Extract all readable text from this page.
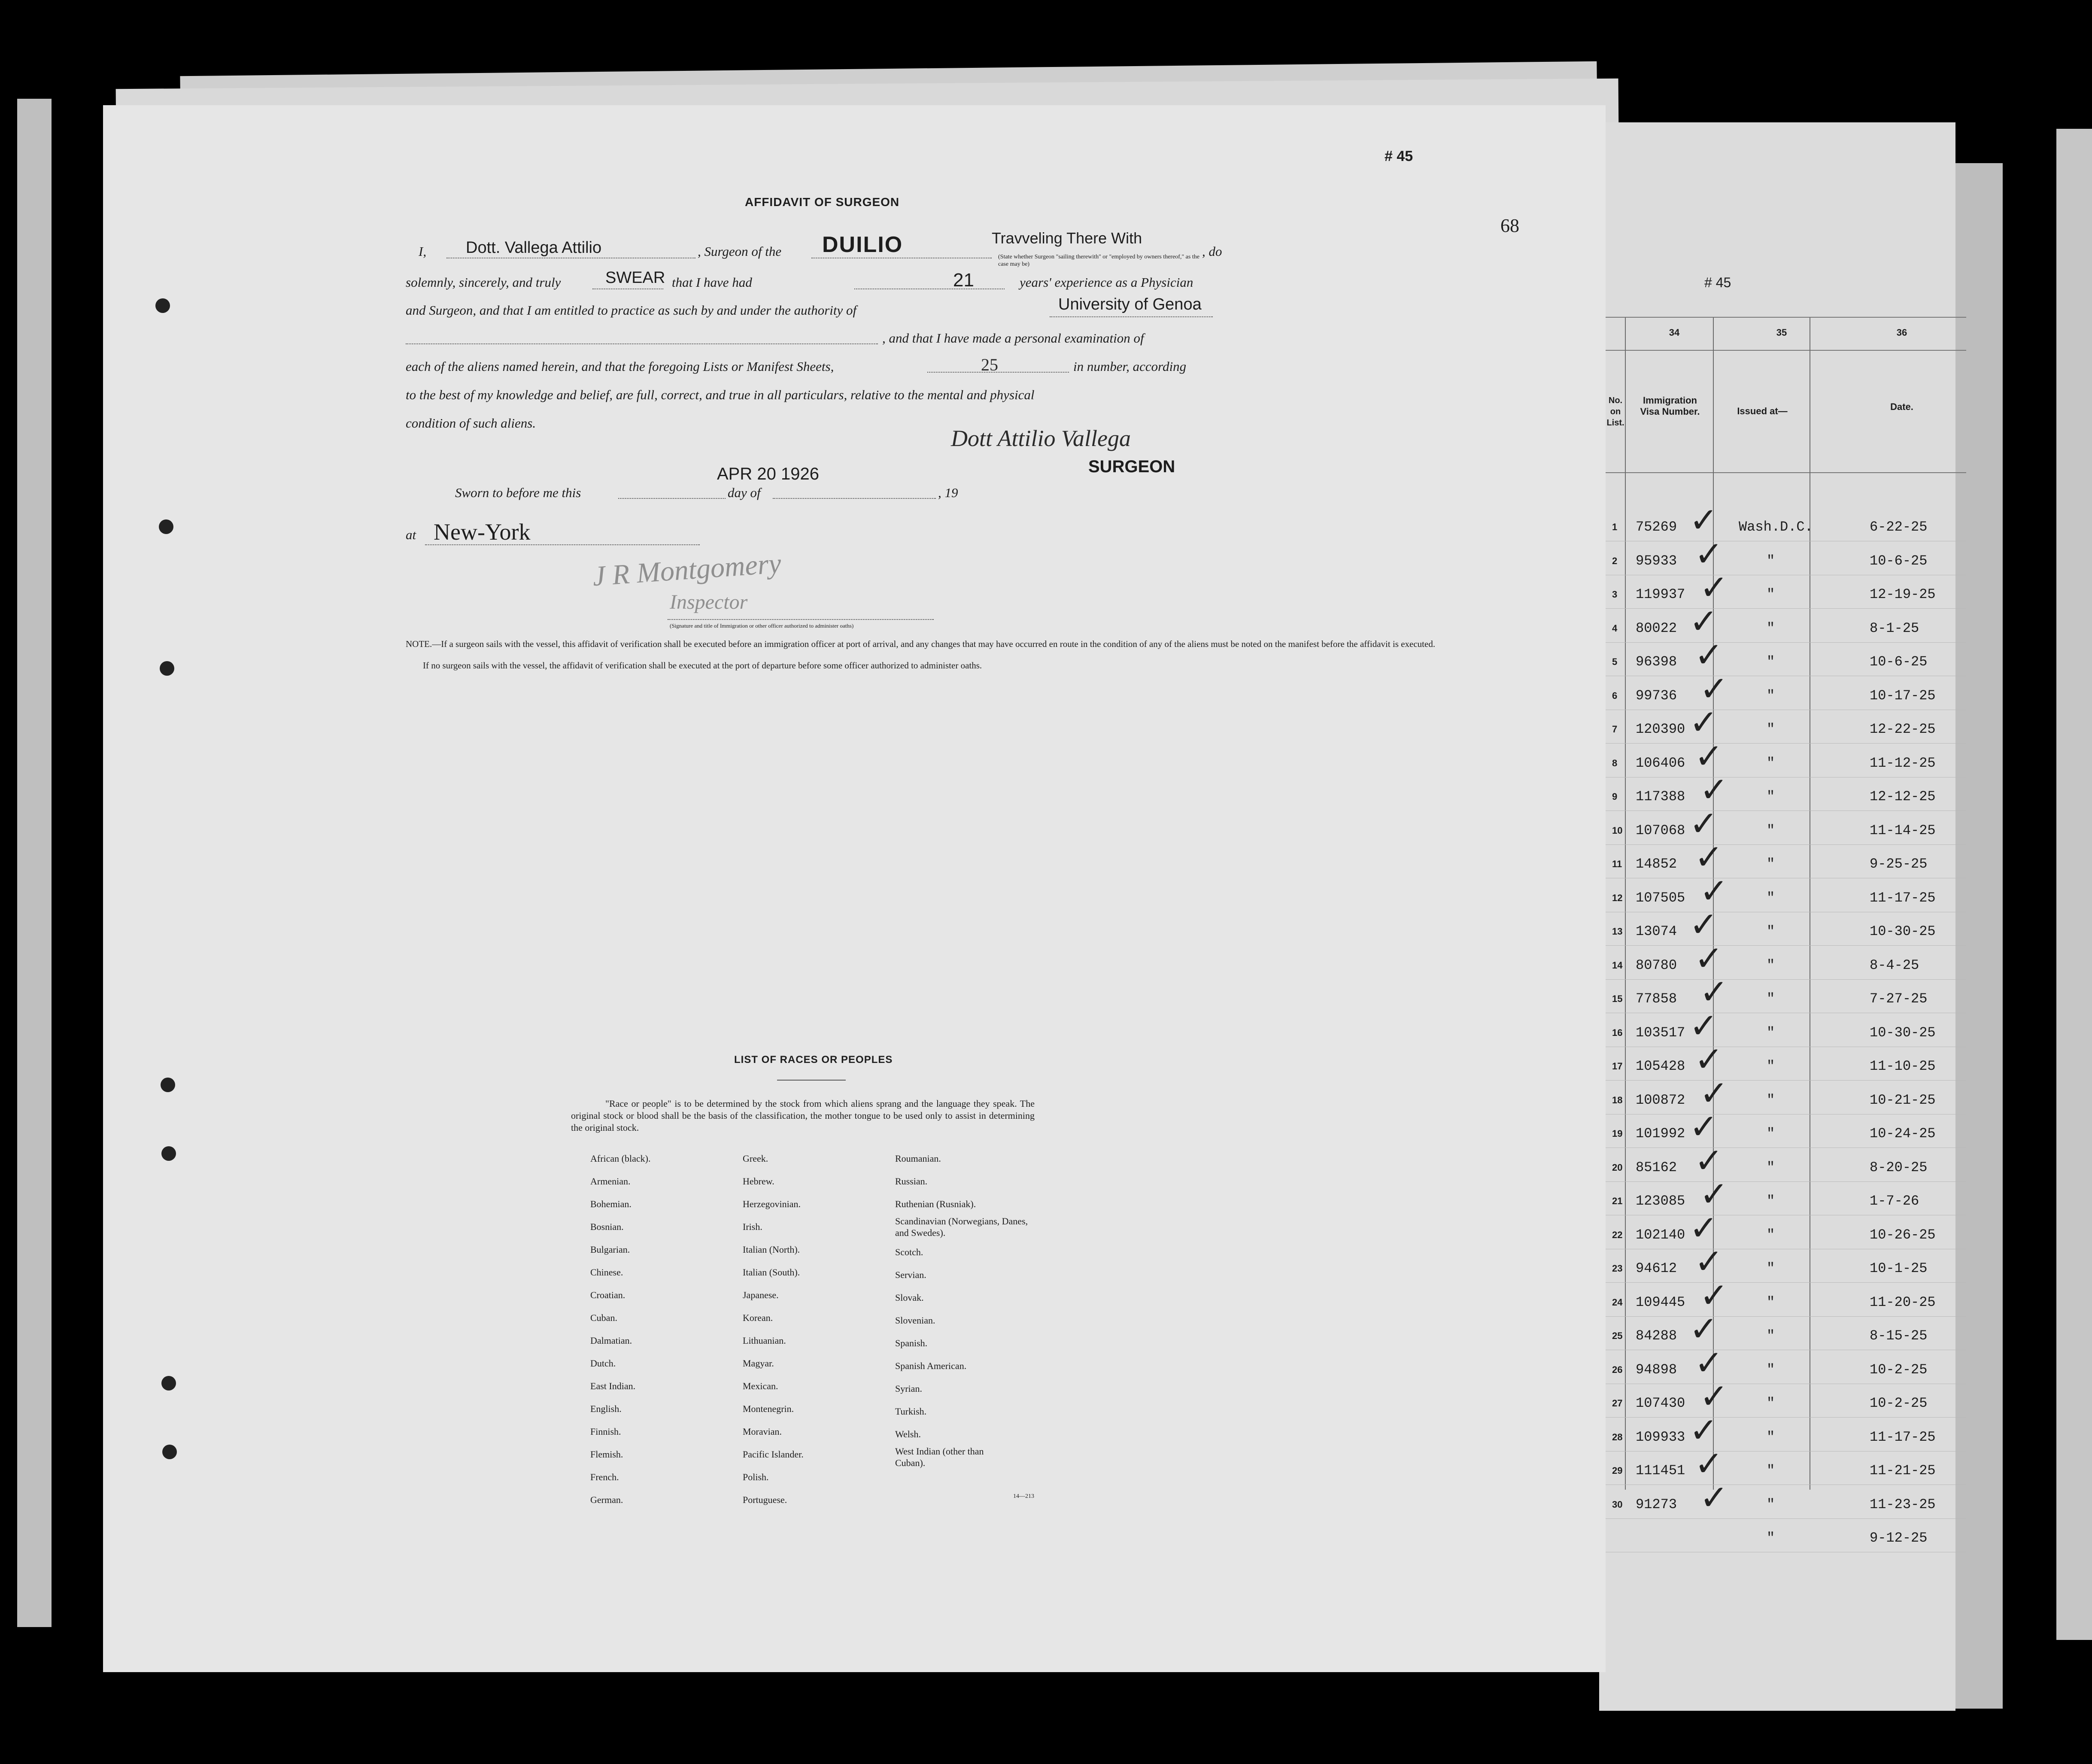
# 45
68
AFFIDAVIT OF SURGEON
I, Dott. Vallega Attilio	, Surgeon of the DUILIO	Travveling There With
(State whether Surgeon "sailing therewith" or "employed by owners thereof," as the case may be)
, do
solemnly, sincerely, and truly	SWEAR that I have had	21	years' experience as a Physician
and Surgeon, and that I am entitled to practice as such by and under the authority of	University of Genoa
, and that I have made a personal examination of
each of the aliens named herein, and that the foregoing Lists or Manifest Sheets,	25	in number, according
to the best of my knowledge and belief, are full, correct, and true in all particulars, relative to the mental and physical
condition of such aliens.
Dott Attilio Vallega
SURGEON
Sworn to before me this
APR 20 1926
day of	, 19
at New-York
J R Montgomery
Inspector
(Signature and title of Immigration or other officer authorized to administer oaths)
NOTE.—If a surgeon sails with the vessel, this affidavit of verification shall be executed before an immigration officer at port of arrival, and any changes that may have occurred en route in the condition of any of the aliens must be noted on the manifest before the affidavit is executed.
If no surgeon sails with the vessel, the affidavit of verification shall be executed at the port of departure before some officer authorized to administer oaths.
LIST OF RACES OR PEOPLES
"Race or people" is to be determined by the stock from which aliens sprang and the language they speak. The original stock or blood shall be the basis of the classification, the mother tongue to be used only to assist in determining the original stock.
African (black).
Armenian.
Bohemian.
Bosnian.
Bulgarian.
Chinese.
Croatian.
Cuban.
Dalmatian.
Dutch.
East Indian.
English.
Finnish.
Flemish.
French.
German.
Greek.
Hebrew.
Herzegovinian.
Irish.
Italian (North).
Italian (South).
Japanese.
Korean.
Lithuanian.
Magyar.
Mexican.
Montenegrin.
Moravian.
Pacific Islander.
Polish.
Portuguese.
Roumanian.
Russian.
Ruthenian (Rusniak).
Scandinavian (Norwegians, Danes, and Swedes).
Scotch.
Servian.
Slovak.
Slovenian.
Spanish.
Spanish American.
Syrian.
Turkish.
Welsh.
West Indian (other than Cuban).
14—213
# 45
34	35	36
No. on List.
Immigration Visa Number.	Issued at—	Date.
1 75269	Wash.D.C.	6-22-25
✓
2 95933	"	10-6-25
✓
3 119937	"	12-19-25
✓
4 80022	"	8-1-25
✓
5 96398	"	10-6-25
✓
6 99736	"	10-17-25
✓
7 120390	"	12-22-25
✓
8 106406	"	11-12-25
✓
9 117388	"	12-12-25
✓
10 107068	"	11-14-25
✓
11 14852	"	9-25-25
✓
12 107505	"	11-17-25
✓
13 13074	"	10-30-25
✓
14 80780	"	8-4-25
✓
15 77858	"	7-27-25
✓
16 103517	"	10-30-25
✓
17 105428	"	11-10-25
✓
18 100872	"	10-21-25
✓
19 101992	"	10-24-25
✓
20 85162	"	8-20-25
✓
21 123085	"	1-7-26
✓
22 102140	"	10-26-25
✓
23 94612	"	10-1-25
✓
24 109445	"	11-20-25
✓
25 84288	"	8-15-25
✓
26 94898	"	10-2-25
✓
27 107430	"	10-2-25
✓
28 109933	"	11-17-25
✓
29 111451	"	11-21-25
✓
30 91273	"	11-23-25
✓
"	9-12-25
